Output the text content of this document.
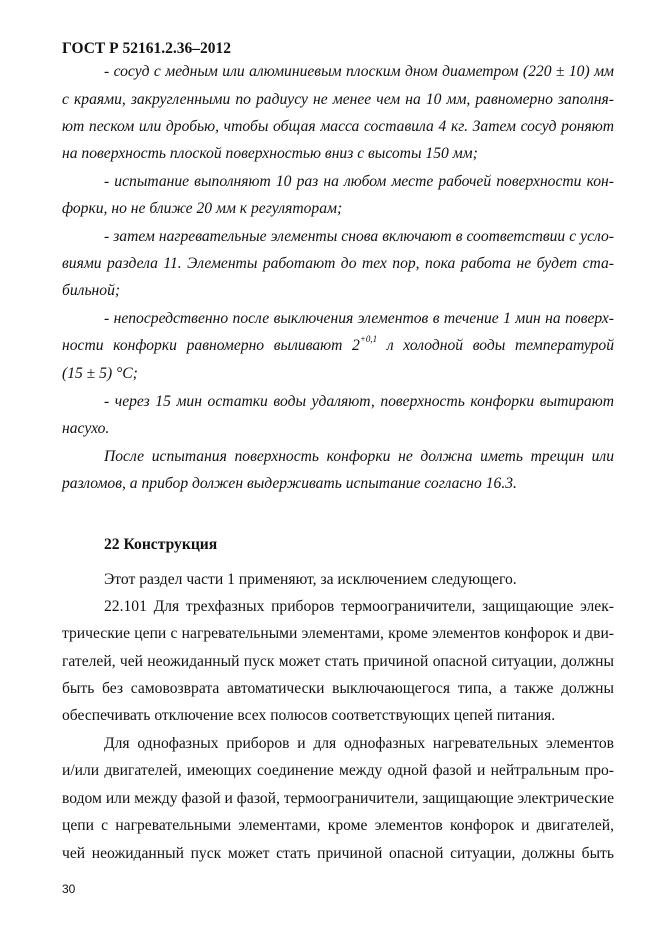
ГОСТ Р 52161.2.36–2012
- сосуд с медным или алюминиевым плоским дном диаметром (220 ± 10) мм
с краями, закругленными по радиусу не менее чем на 10 мм, равномерно заполня-
ют песком или дробью, чтобы общая масса составила 4 кг. Затем сосуд роняют
на поверхность плоской поверхностью вниз с высоты 150 мм;
- испытание выполняют 10 раз на любом месте рабочей поверхности кон-
форки, но не ближе 20 мм к регуляторам;
- затем нагревательные элементы снова включают в соответствии с усло-
виями раздела 11. Элементы работают до тех пор, пока работа не будет ста-
бильной;
- непосредственно после выключения элементов в течение 1 мин на поверх-
ности конфорки равномерно выливают $2^{+0,1}$ л холодной воды температурой
(15 ± 5) °С;
- через 15 мин остатки воды удаляют, поверхность конфорки вытирают
насухо.
После испытания поверхность конфорки не должна иметь трещин или
разломов, а прибор должен выдерживать испытание согласно 16.3.
22 Конструкция
Этот раздел части 1 применяют, за исключением следующего.
22.101 Для трехфазных приборов термоограничители, защищающие элек-
трические цепи с нагревательными элементами, кроме элементов конфорок и дви-
гателей, чей неожиданный пуск может стать причиной опасной ситуации, должны
быть без самовозврата автоматически выключающегося типа, а также должны
обеспечивать отключение всех полюсов соответствующих цепей питания.
Для однофазных приборов и для однофазных нагревательных элементов
и/или двигателей, имеющих соединение между одной фазой и нейтральным про-
водом или между фазой и фазой, термоограничители, защищающие электрические
цепи с нагревательными элементами, кроме элементов конфорок и двигателей,
чей неожиданный пуск может стать причиной опасной ситуации, должны быть
30
